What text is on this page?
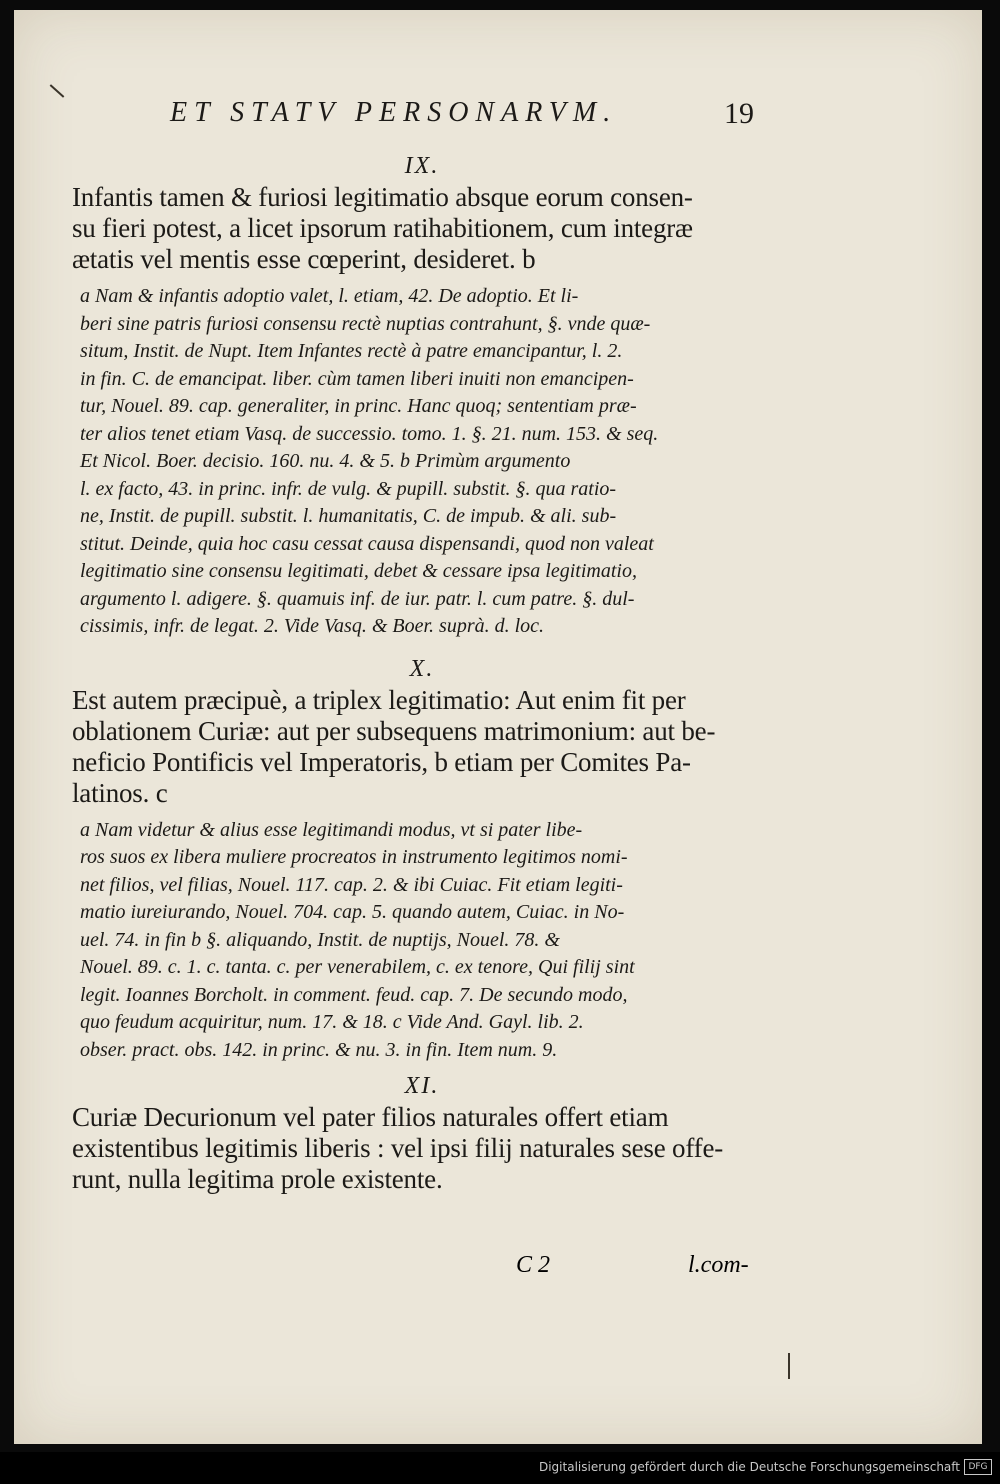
ET STATV PERSONARVM.	19
IX.

Infantis tamen & furiosi legitimatio absque eorum consen-
su fieri potest, a licet ipsorum ratihabitionem, cum integræ
ætatis vel mentis esse cœperint, desideret. b

a Nam & infantis adoptio valet, l. etiam, 42. De adoptio. Et li-
beri sine patris furiosi consensu rectè nuptias contrahunt, §. vnde quæ-
situm, Instit. de Nupt. Item Infantes rectè à patre emancipantur, l. 2.
in fin. C. de emancipat. liber. cùm tamen liberi inuiti non emancipen-
tur, Nouel. 89. cap. generaliter, in princ. Hanc quoq; sententiam præ-
ter alios tenet etiam Vasq. de successio. tomo. 1. §. 21. num. 153. & seq.
Et Nicol. Boer. decisio. 160. nu. 4. & 5. b Primùm argumento
l. ex facto, 43. in princ. infr. de vulg. & pupill. substit. §. qua ratio-
ne, Instit. de pupill. substit. l. humanitatis, C. de impub. & ali. sub-
stitut. Deinde, quia hoc casu cessat causa dispensandi, quod non valeat
legitimatio sine consensu legitimati, debet & cessare ipsa legitimatio,
argumento l. adigere. §. quamuis inf. de iur. patr. l. cum patre. §. dul-
cissimis, infr. de legat. 2. Vide Vasq. & Boer. suprà. d. loc.

X.

Est autem præcipuè, a triplex legitimatio: Aut enim fit per
oblationem Curiæ: aut per subsequens matrimonium: aut be-
neficio Pontificis vel Imperatoris, b etiam per Comites Pa-
latinos. c

a Nam videtur & alius esse legitimandi modus, vt si pater libe-
ros suos ex libera muliere procreatos in instrumento legitimos nomi-
net filios, vel filias, Nouel. 117. cap. 2. & ibi Cuiac. Fit etiam legiti-
matio iureiurando, Nouel. 704. cap. 5. quando autem, Cuiac. in No-
uel. 74. in fin b §. aliquando, Instit. de nuptijs, Nouel. 78. &
Nouel. 89. c. 1. c. tanta. c. per venerabilem, c. ex tenore, Qui filij sint
legit. Ioannes Borcholt. in comment. feud. cap. 7. De secundo modo,
quo feudum acquiritur, num. 17. & 18. c Vide And. Gayl. lib. 2.
obser. pract. obs. 142. in princ. & nu. 3. in fin. Item num. 9.

XI.

Curiæ Decurionum vel pater filios naturales offert etiam
existentibus legitimis liberis : vel ipsi filij naturales sese offe-
runt, nulla legitima prole existente.

C 2	l.com-
Digitalisierung gefördert durch die Deutsche Forschungsgemeinschaft DFG
